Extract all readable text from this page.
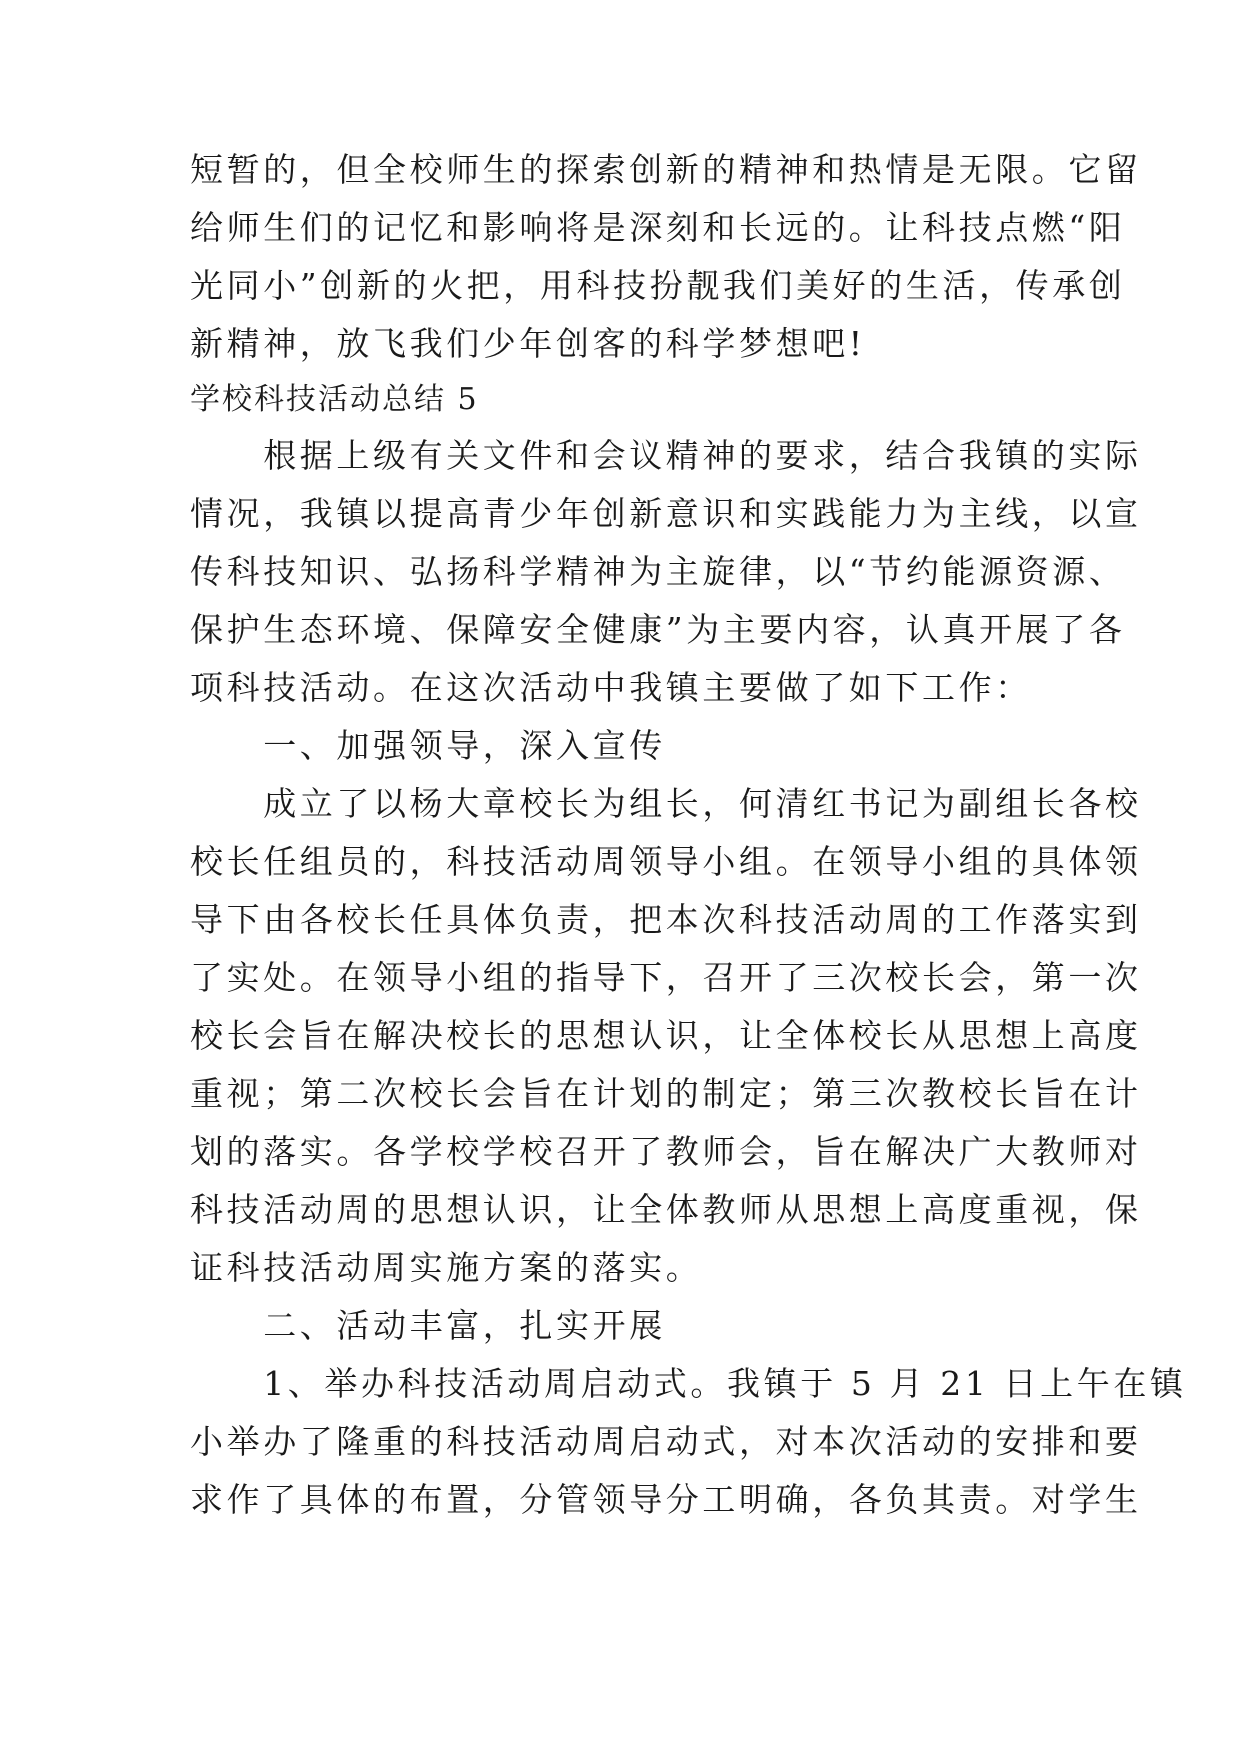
短暂的，但全校师生的探索创新的精神和热情是无限。它留
给师生们的记忆和影响将是深刻和长远的。让科技点燃“阳
光同小”创新的火把，用科技扮靓我们美好的生活，传承创
新精神，放飞我们少年创客的科学梦想吧!
学校科技活动总结 5
　　根据上级有关文件和会议精神的要求，结合我镇的实际
情况，我镇以提高青少年创新意识和实践能力为主线，以宣
传科技知识、弘扬科学精神为主旋律，以“节约能源资源、
保护生态环境、保障安全健康”为主要内容，认真开展了各
项科技活动。在这次活动中我镇主要做了如下工作：
　　一、加强领导，深入宣传
　　成立了以杨大章校长为组长，何清红书记为副组长各校
校长任组员的，科技活动周领导小组。在领导小组的具体领
导下由各校长任具体负责，把本次科技活动周的工作落实到
了实处。在领导小组的指导下，召开了三次校长会，第一次
校长会旨在解决校长的思想认识，让全体校长从思想上高度
重视；第二次校长会旨在计划的制定；第三次教校长旨在计
划的落实。各学校学校召开了教师会，旨在解决广大教师对
科技活动周的思想认识，让全体教师从思想上高度重视，保
证科技活动周实施方案的落实。
　　二、活动丰富，扎实开展
　　1、举办科技活动周启动式。我镇于 5 月 21 日上午在镇
小举办了隆重的科技活动周启动式，对本次活动的安排和要
求作了具体的布置，分管领导分工明确，各负其责。对学生
